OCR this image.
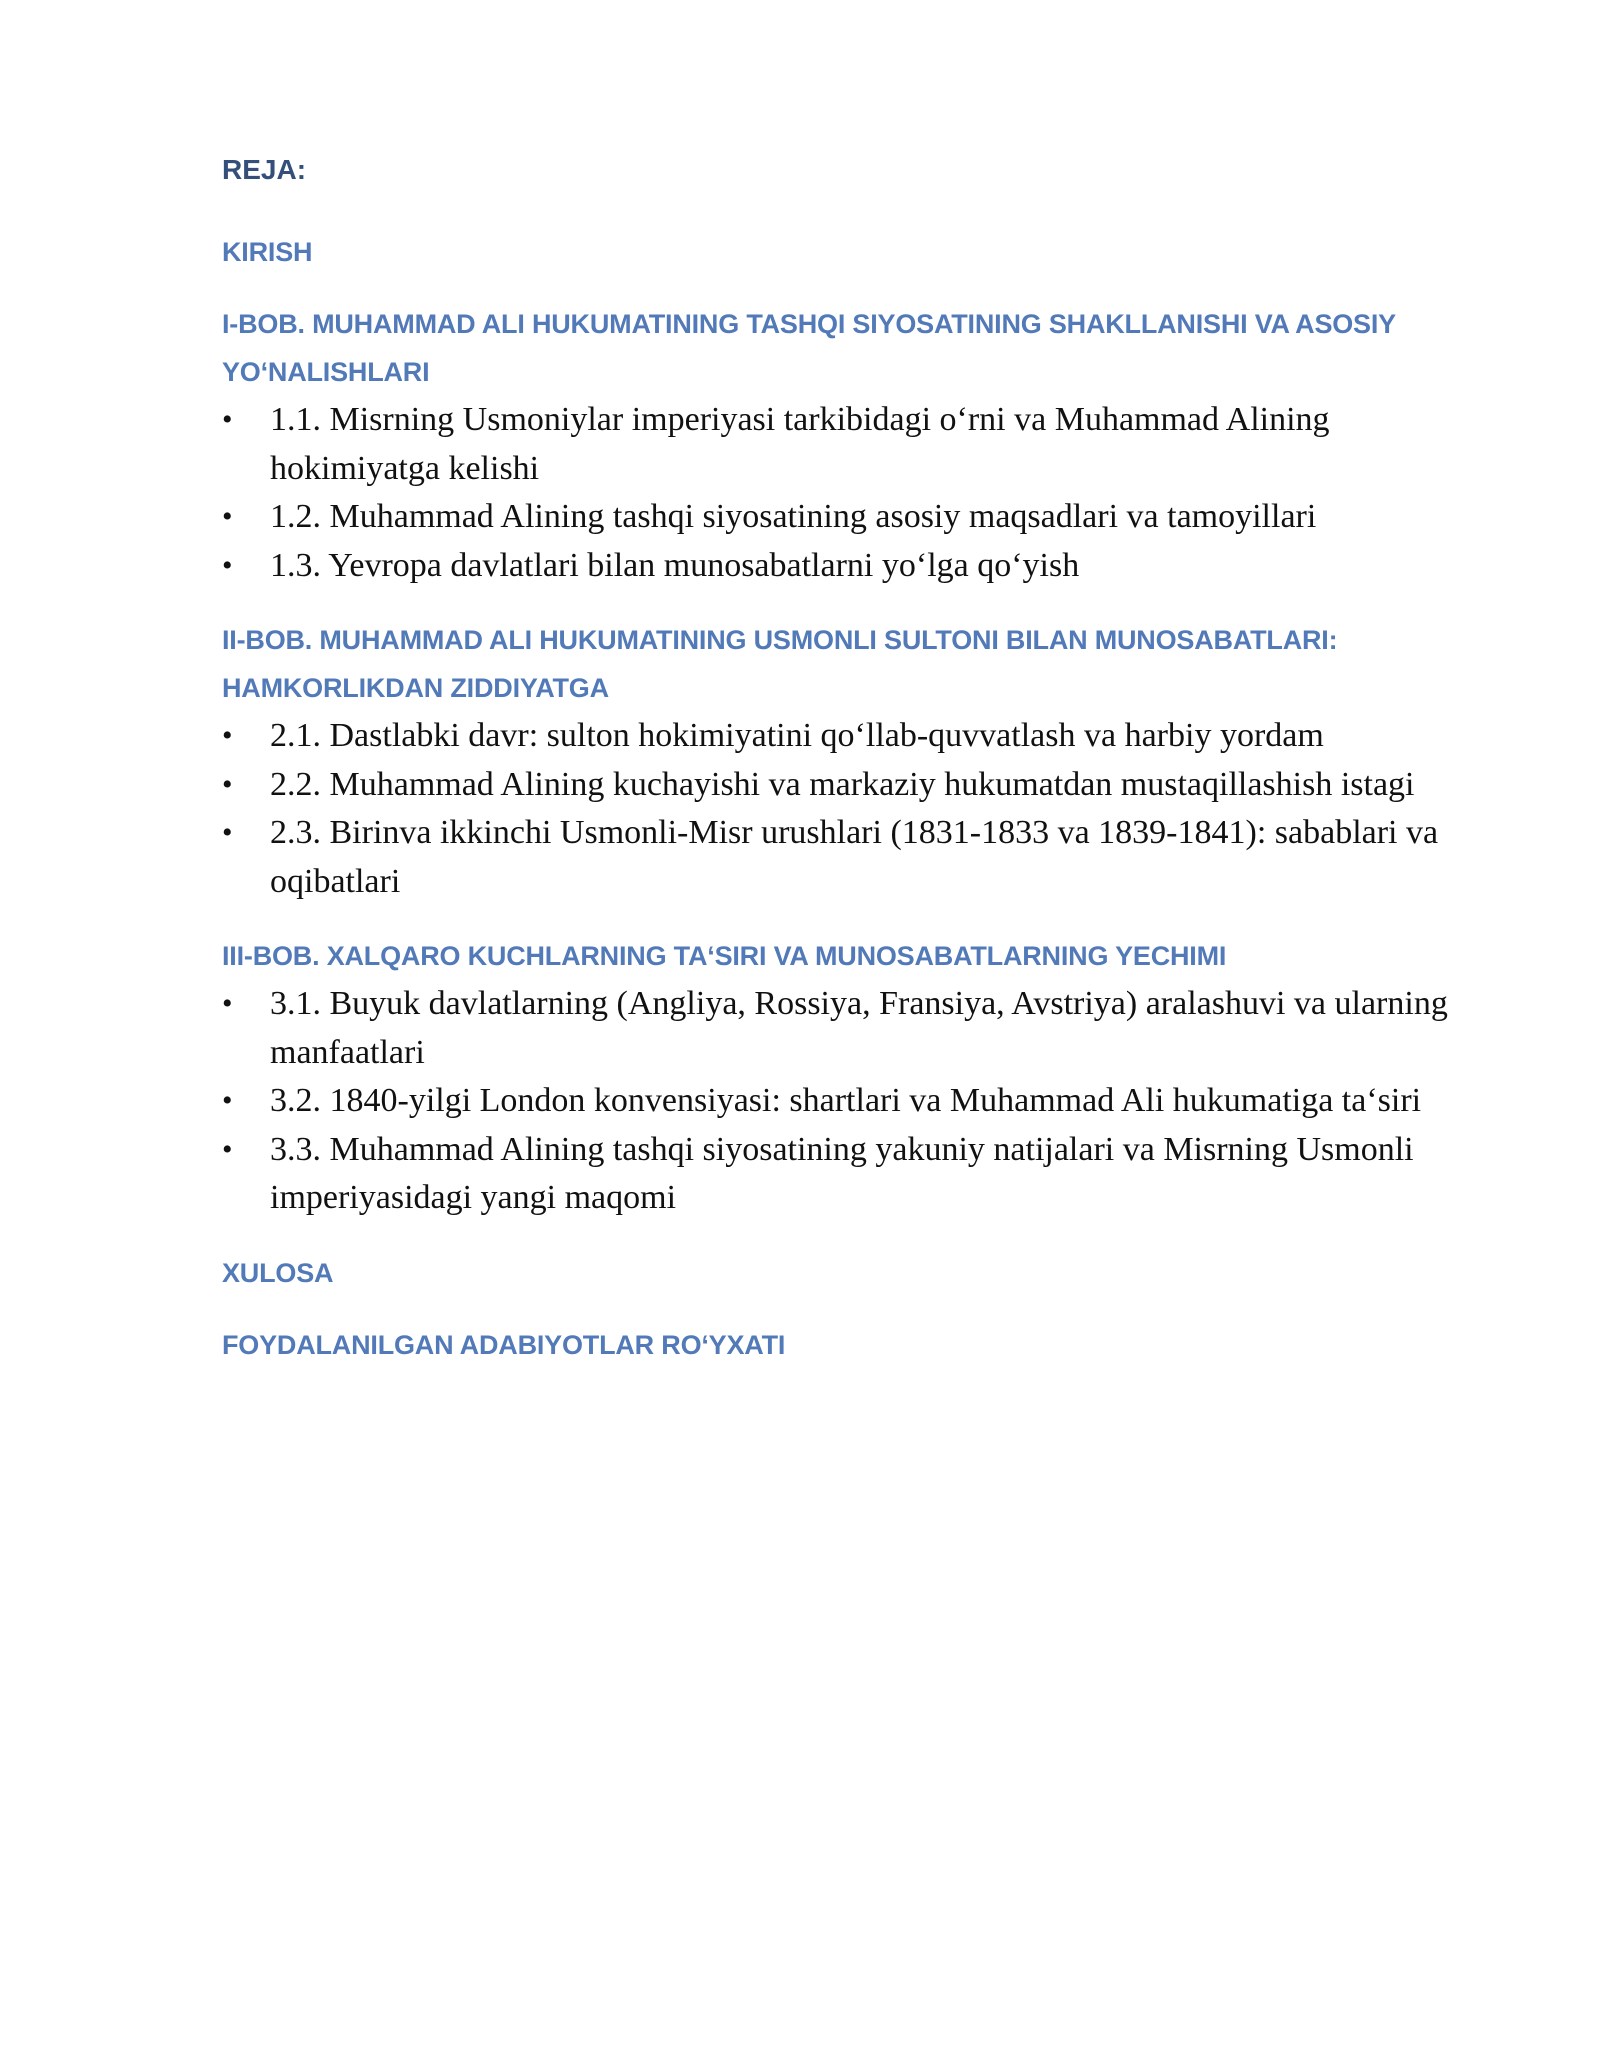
REJA:
KIRISH
I-BOB. MUHAMMAD ALI HUKUMATINING TASHQI SIYOSATINING SHAKLLANISHI VA ASOSIY YO‘NALISHLARI
• 1.1. Misrning Usmoniylar imperiyasi tarkibidagi o‘rni va Muhammad Alining hokimiyatga kelishi
• 1.2. Muhammad Alining tashqi siyosatining asosiy maqsadlari va tamoyillari
• 1.3. Yevropa davlatlari bilan munosabatlarni yo‘lga qo‘yish
II-BOB. MUHAMMAD ALI HUKUMATINING USMONLI SULTONI BILAN MUNOSABATLARI: HAMKORLIKDAN ZIDDIYATGA
• 2.1. Dastlabki davr: sulton hokimiyatini qo‘llab-quvvatlash va harbiy yordam
• 2.2. Muhammad Alining kuchayishi va markaziy hukumatdan mustaqillashish istagi
• 2.3. Birinva ikkinchi Usmonli-Misr urushlari (1831-1833 va 1839-1841): sabablari va oqibatlari
III-BOB. XALQARO KUCHLARNING TA‘SIRI VA MUNOSABATLARNING YECHIMI
• 3.1. Buyuk davlatlarning (Angliya, Rossiya, Fransiya, Avstriya) aralashuvi va ularning manfaatlari
• 3.2. 1840-yilgi London konvensiyasi: shartlari va Muhammad Ali hukumatiga ta‘siri
• 3.3. Muhammad Alining tashqi siyosatining yakuniy natijalari va Misrning Usmonli imperiyasidagi yangi maqomi
XULOSA
FOYDALANILGAN ADABIYOTLAR RO‘YXATI
